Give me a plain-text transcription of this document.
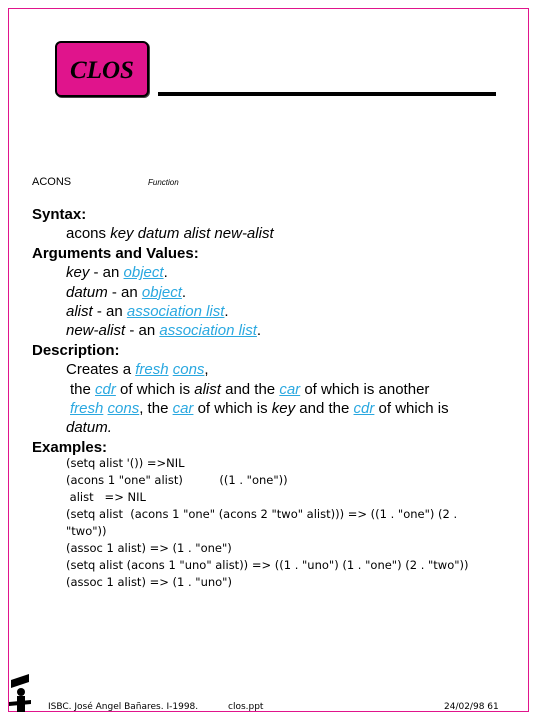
CLOS
ACONS	Function
Syntax:
acons key datum alist new-alist
Arguments and Values:
key - an object.
datum - an object.
alist - an association list.
new-alist - an association list.
Description:
Creates a fresh cons,
the cdr of which is alist and the car of which is another
fresh cons, the car of which is key and the cdr of which is
datum.
Examples:
(setq alist '()) =>NIL
(acons 1 "one" alist)          ((1 . "one"))
alist   => NIL
(setq alist  (acons 1 "one" (acons 2 "two" alist))) => ((1 . "one") (2 .
"two"))
(assoc 1 alist) => (1 . "one")
(setq alist (acons 1 "uno" alist)) => ((1 . "uno") (1 . "one") (2 . "two"))
(assoc 1 alist) => (1 . "uno")
ISBC. José Angel Bañares. I-1998.	clos.ppt	24/02/98 61
